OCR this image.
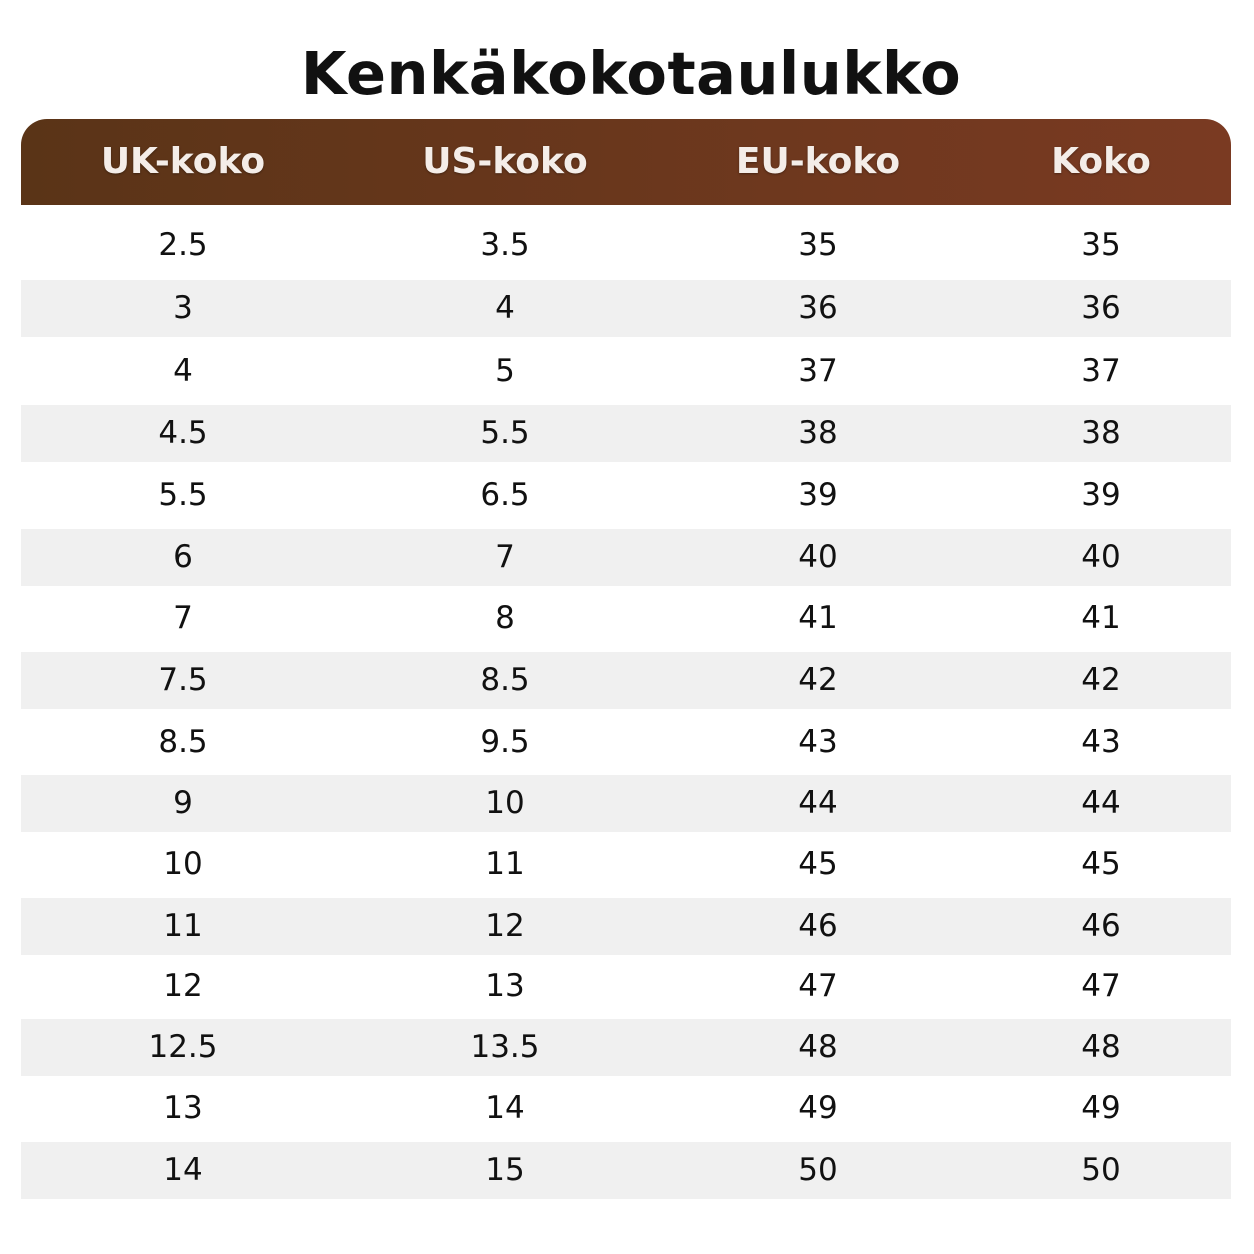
Kenkäkokotaulukko
UK-koko	US-koko	EU-koko	Koko
2.5	3.5	35	35
3	4	36	36
4	5	37	37
4.5	5.5	38	38
5.5	6.5	39	39
6	7	40	40
7	8	41	41
7.5	8.5	42	42
8.5	9.5	43	43
9	10	44	44
10	11	45	45
11	12	46	46
12	13	47	47
12.5	13.5	48	48
13	14	49	49
14	15	50	50
